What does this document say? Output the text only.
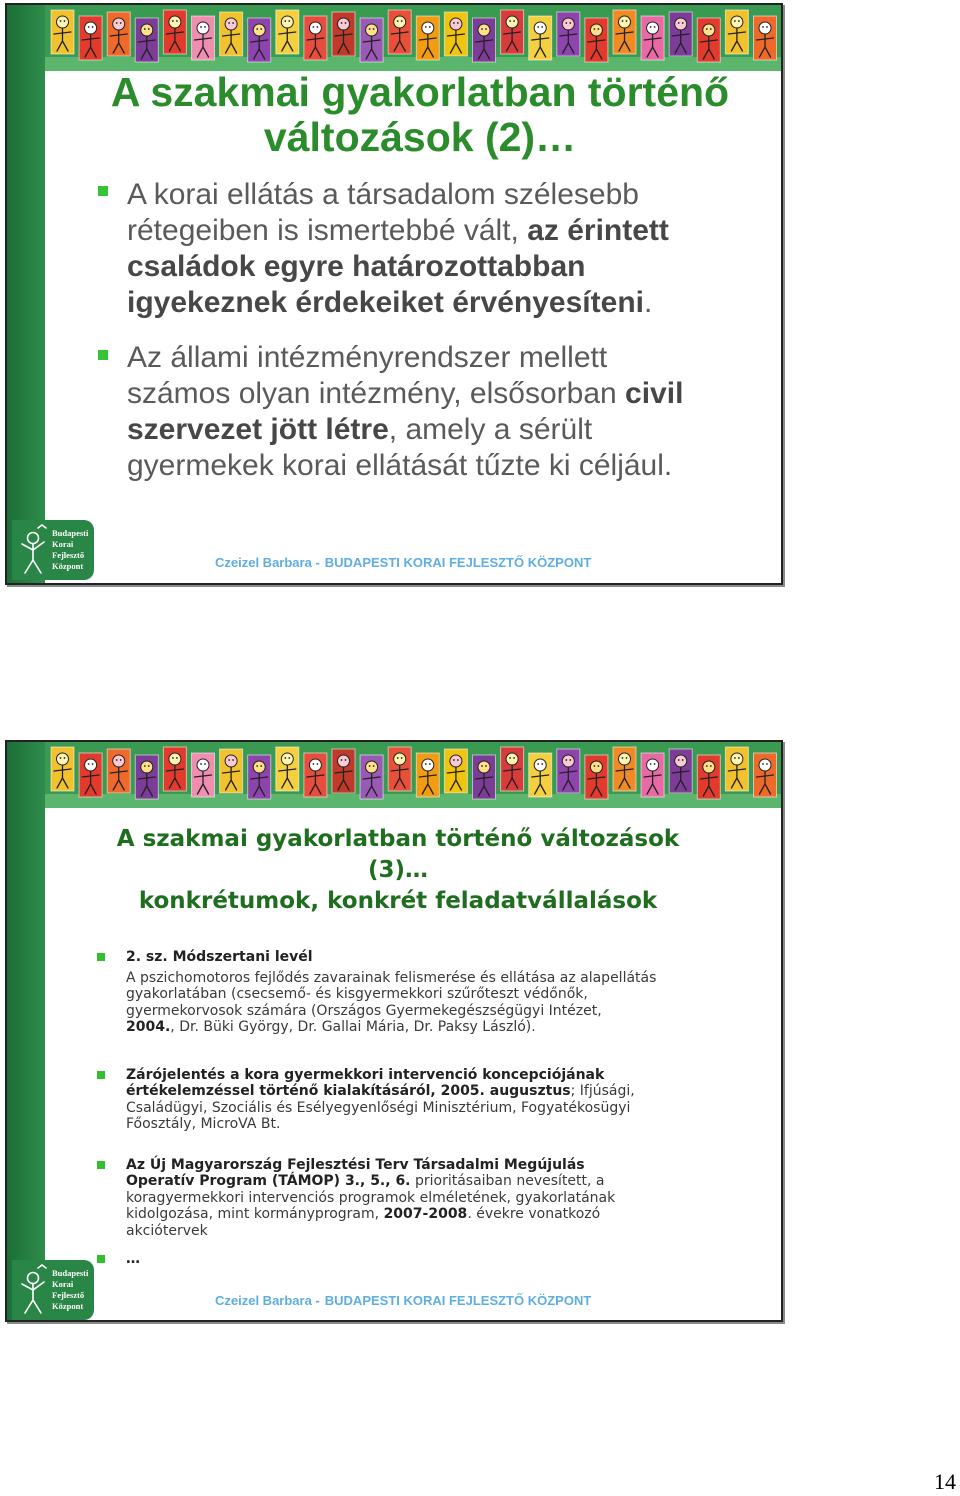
A szakmai gyakorlatban történő
változások (2)…
A korai ellátás a társadalom szélesebb
rétegeiben is ismertebbé vált, az érintett
családok egyre határozottabban
igyekeznek érdekeiket érvényesíteni.
Az állami intézményrendszer mellett
számos olyan intézmény, elsősorban civil
szervezet jött létre, amely a sérült
gyermekek korai ellátását tűzte ki céljául.
Budapesti
Korai
Fejlesztő
Központ	Czeizel Barbara - BUDAPESTI KORAI FEJLESZTŐ KÖZPONT
A szakmai gyakorlatban történő változások
(3)…
konkrétumok, konkrét feladatvállalások
2. sz. Módszertani levél
A pszichomotoros fejlődés zavarainak felismerése és ellátása az alapellátás
gyakorlatában (csecsemő- és kisgyermekkori szűrőteszt védőnők,
gyermekorvosok számára (Országos Gyermekegészségügyi Intézet,
2004., Dr. Büki György, Dr. Gallai Mária, Dr. Paksy László).
Zárójelentés a kora gyermekkori intervenció koncepciójának
értékelemzéssel történő kialakításáról, 2005. augusztus; Ifjúsági,
Családügyi, Szociális és Esélyegyenlőségi Minisztérium, Fogyatékosügyi
Főosztály, MicroVA Bt.
Az Új Magyarország Fejlesztési Terv Társadalmi Megújulás
Operatív Program (TÁMOP) 3., 5., 6. prioritásaiban nevesített, a
koragyermekkori intervenciós programok elméletének, gyakorlatának
kidolgozása, mint kormányprogram, 2007-2008. évekre vonatkozó
akciótervek
…
Budapesti
Korai
Fejlesztő
Központ	Czeizel Barbara - BUDAPESTI KORAI FEJLESZTŐ KÖZPONT
14
